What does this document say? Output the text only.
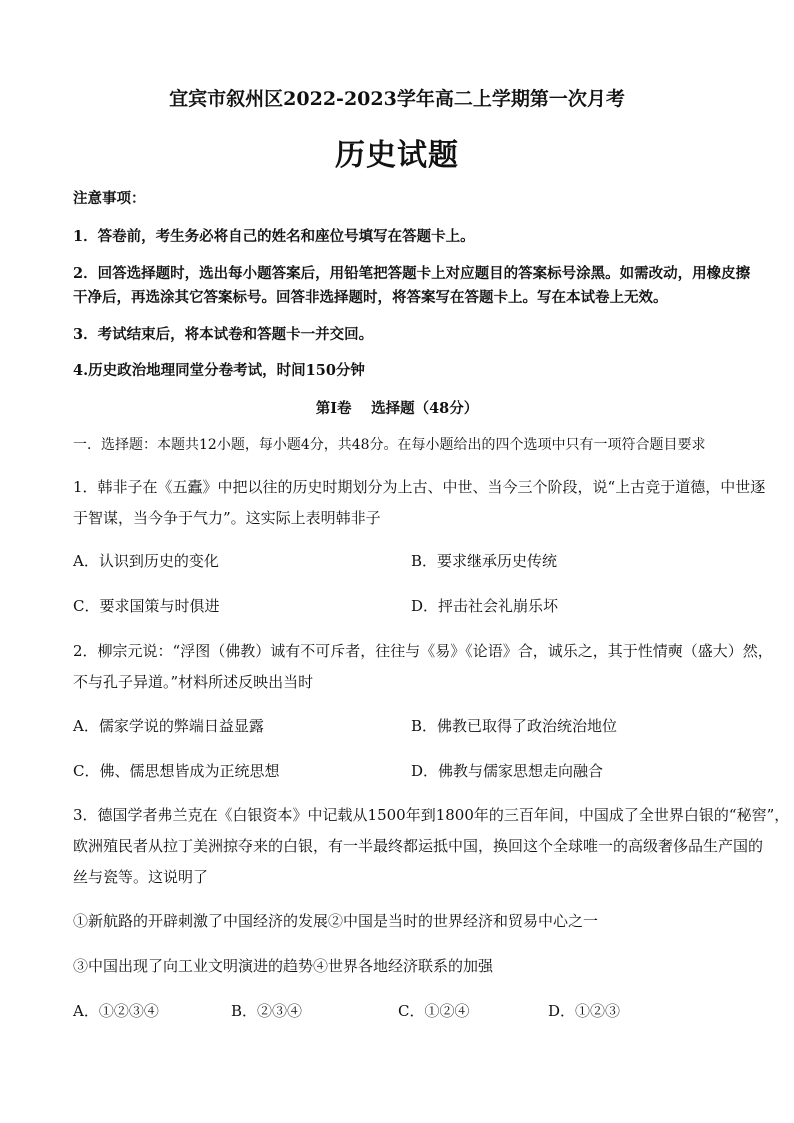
宜宾市叙州区2022-2023学年高二上学期第一次月考
历史试题
注意事项：
1．答卷前，考生务必将自己的姓名和座位号填写在答题卡上。
2．回答选择题时，选出每小题答案后，用铅笔把答题卡上对应题目的答案标号涂黑。如需改动，用橡皮擦
干净后，再选涂其它答案标号。回答非选择题时，将答案写在答题卡上。写在本试卷上无效。
3．考试结束后，将本试卷和答题卡一并交回。
4.历史政治地理同堂分卷考试，时间150分钟
第Ⅰ卷　 选择题（48分）
一．选择题：本题共12小题，每小题4分，共48分。在每小题给出的四个选项中只有一项符合题目要求
1．韩非子在《五蠹》中把以往的历史时期划分为上古、中世、当今三个阶段，说“上古竞于道德，中世逐
于智谋，当今争于气力”。这实际上表明韩非子
A．认识到历史的变化	B．要求继承历史传统
C．要求国策与时俱进	D．抨击社会礼崩乐坏
2．柳宗元说：“浮图（佛教）诚有不可斥者，往往与《易》《论语》合，诚乐之，其于性情奭（盛大）然，
不与孔子异道。”材料所述反映出当时
A．儒家学说的弊端日益显露	B．佛教已取得了政治统治地位
C．佛、儒思想皆成为正统思想	D．佛教与儒家思想走向融合
3．德国学者弗兰克在《白银资本》中记载从1500年到1800年的三百年间，中国成了全世界白银的“秘窖”，
欧洲殖民者从拉丁美洲掠夺来的白银，有一半最终都运抵中国，换回这个全球唯一的高级奢侈品生产国的
丝与瓷等。这说明了
①新航路的开辟刺激了中国经济的发展②中国是当时的世界经济和贸易中心之一
③中国出现了向工业文明演进的趋势④世界各地经济联系的加强
A．①②③④	B．②③④	C．①②④	D．①②③
